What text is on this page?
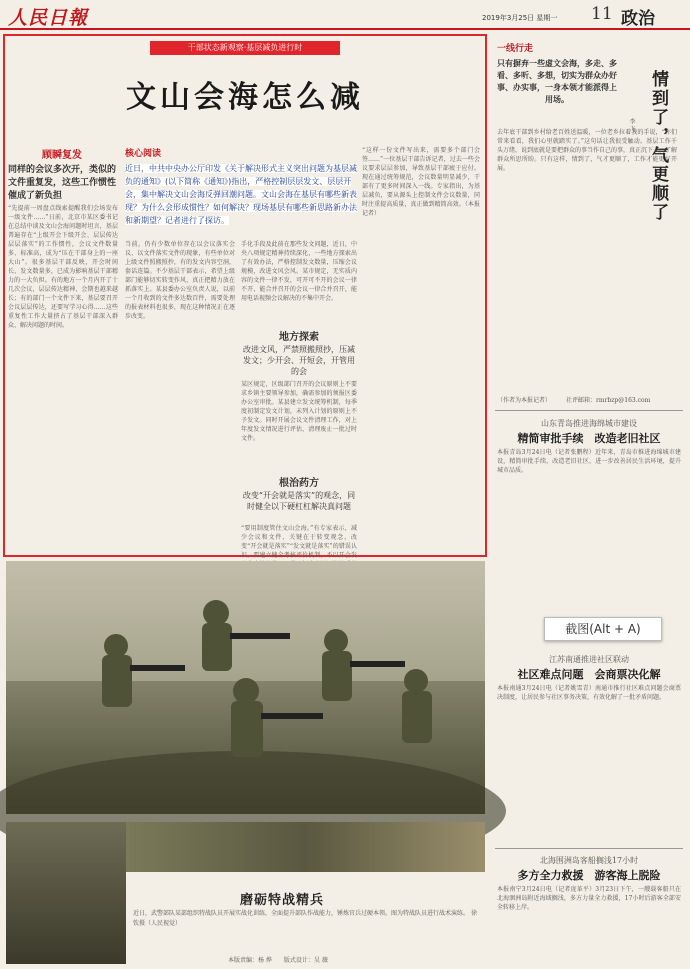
人民日報	2019年3月25日 星期一 11 政治
干部状态新观察·基层减负进行时
文山会海怎么减
顾瞬复发
同样的会议多次开，类似的文件重复发，这些工作惯性催成了新负担
“先提前一周盘点线索提醒我们会场发布一级文件……”日前，北京市某区委书记在总结中谈及文山会海问题时坦言，基层普遍存在“上级开会下级开会、层层传达层层落实”的工作惯性，会议文件数量多、标准高，成为“压在干部身上的一座大山”。很多基层干部反映，开会时间长、发文数量多，已成为影响基层干部精力的一大负担。有的地方一个月内开了十几次会议，层层传达精神，会期也越来越长；有的部门一个文件下来，基层要召开会议层层传达，还要写学习心得……这些重复性工作大量挤占了基层干部深入群众、解决问题的时间。
核心阅读
近日，中共中央办公厅印发《关于解决形式主义突出问题为基层减负的通知》(以下简称《通知》)指出，严格控制层层发文、层层开会，集中解决文山会海反弹回潮问题。文山会海在基层有哪些新表现？为什么会形成惯性？如何解决？现场基层有哪些新思路新办法和新期望？记者进行了探访。
当前，仍有少数单位存在以会议落实会议、以文件落实文件的现象，有些单位对上级文件照搬照抄，有的发文内容空洞，套话连篇。不少基层干部表示，希望上级部门能够切实转变作风，真正把精力放在抓落实上。某县委办公室负责人说，以前一个月收到的文件多达数百件，需要处理的报表材料也很多，现在这种情况正在逐步改变。
手化手段及此前在那些发文问题，近日，中央八项规定精神持续深化，一些地方探索出了有效办法，严格控制发文数量，压缩会议规模，改进文风会风。某市规定，无实质内容的文件一律不发，可开可不开的会议一律不开，能合并召开的会议一律合并召开，能用电话视频会议解决的不集中开会。
地方探索
改进文风，严禁照搬照抄，压减发文；少开会、开短会，开管用的会
某区规定，区级部门召开的会议原则上不要求乡镇主要领导参加，确需参加的须报区委办公室审批。某县建立发文统筹机制，每季度初制定发文计划，未列入计划的原则上不予发文。同时开展会议文件清理工作，对上年度发文情况进行评估，清理废止一批过时文件。
根治药方
改变“开会就是落实”的观念，同时健全以下硬杠杠解决真问题
“要用制度管住文山会海。”有专家表示，减少会议和文件，关键在于转变观念，改变“开会就是落实”“发文就是落实”的错误认识。要建立健全考核评价机制，不以开会发
“这样一份文件写出来，需要多个部门会签……”一位基层干部告诉记者，过去一些会议要求层层参加，导致基层干部疲于应付。现在通过统筹规范，会议数量明显减少，干部有了更多时间深入一线。专家指出，为基层减负，要从源头上控制文件会议数量，同时注重提高质量，真正做到精简高效。（本报记者）
一线行走
只有摒弃一些虚文会海，多走、多看、多听、多想，切实为群众办好事、办实事，一身本领才能派得上用场。	情到了，气更顺了
李 飞
去年底干部到乡村给老百姓送温暖，一位老乡拉着我的手说，“你们常来看看，我们心里就踏实了。”这句话让我很受触动。基层工作千头万绪，说到底就是要把群众的事当作自己的事，真正沉下去，了解群众所思所盼。只有这样，情到了，气才更顺了，工作才能更好开展。
（作者为本报记者）　　　社评邮箱：rmrbzp@163.com
山东青岛推进海绵城市建设
精简审批手续　改造老旧社区
本报青岛3月24日电（记者张鹏程）近年来，青岛市推进海绵城市建设，精简审批手续，改造老旧社区，进一步改善居民生活环境，提升城市品质。
江苏南通推进社区联动
社区难点问题　会商票决化解
本报南通3月24日电（记者姚雪青）南通市推行社区难点问题会商票决制度，让居民参与社区事务决策，有效化解了一批矛盾问题。
北海围洲岛客船搁浅17小时
多方全力救援　游客海上脱险
本报南宁3月24日电（记者庞革平）3月23日下午，一艘载客船只在北海涠洲岛附近海域搁浅，多方力量全力救援，17小时后游客全部安全转移上岸。
磨砺特战精兵
近日，武警部队某部组织特战队员开展实战化训练，全面提升部队作战能力，锤炼官兵过硬本领。图为特战队员进行战术演练。 徐 钦摄（人民视觉）
截图(Alt + A)
本版责编：杨 烨　　版式设计：吴 薇
